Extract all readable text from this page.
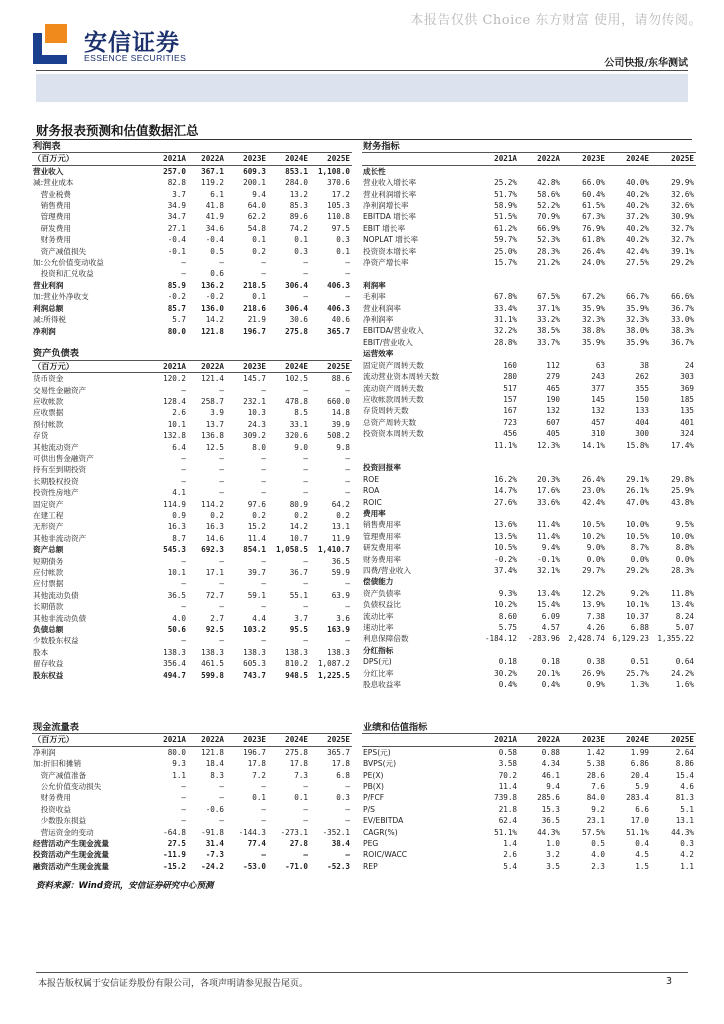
本报告仅供 Choice 东方财富 使用，请勿传阅。
安信证券
ESSENCE SECURITIES	公司快报/东华测试
财务报表预测和估值数据汇总
利润表					
（百万元）	2021A	2022A	2023E	2024E	2025E
营业收入	257.0	367.1	609.3	853.1	1,108.0
减:营业成本	82.8	119.2	200.1	284.0	370.6
　营业税费	3.7	6.1	9.4	13.2	17.2
　销售费用	34.9	41.8	64.0	85.3	105.3
　管理费用	34.7	41.9	62.2	89.6	110.8
　研发费用	27.1	34.6	54.8	74.2	97.5
　财务费用	-0.4	-0.4	0.1	0.1	0.3
　资产减值损失	-0.1	0.5	0.2	0.3	0.1
加:公允价值变动收益	–	–	–	–	–
　投资和汇兑收益	–	0.6	–	–	–
营业利润	85.9	136.2	218.5	306.4	406.3
加:营业外净收支	-0.2	-0.2	0.1	–	–
利润总额	85.7	136.0	218.6	306.4	406.3
减:所得税	5.7	14.2	21.9	30.6	40.6
净利润	80.0	121.8	196.7	275.8	365.7

资产负债表					
（百万元）	2021A	2022A	2023E	2024E	2025E
货币资金	120.2	121.4	145.7	102.5	88.6
交易性金融资产	–	–	–	–	–
应收帐款	128.4	258.7	232.1	478.8	660.0
应收票据	2.6	3.9	10.3	8.5	14.8
预付帐款	10.1	13.7	24.3	33.1	39.9
存货	132.8	136.8	309.2	320.6	508.2
其他流动资产	6.4	12.5	8.0	9.0	9.8
可供出售金融资产	–	–	–	–	–
持有至到期投资	–	–	–	–	–
长期股权投资	–	–	–	–	–
投资性房地产	4.1	–	–	–	–
固定资产	114.9	114.2	97.6	80.9	64.2
在建工程	0.9	0.2	0.2	0.2	0.2
无形资产	16.3	16.3	15.2	14.2	13.1
其他非流动资产	8.7	14.6	11.4	10.7	11.9
资产总额	545.3	692.3	854.1	1,058.5	1,410.7
短期债务	–	–	–	–	36.5
应付帐款	10.1	17.1	39.7	36.7	59.9
应付票据	–	–	–	–	–
其他流动负债	36.5	72.7	59.1	55.1	63.9
长期借款	–	–	–	–	–
其他非流动负债	4.0	2.7	4.4	3.7	3.6
负债总额	50.6	92.5	103.2	95.5	163.9
少数股东权益	–	–	–	–	–
股本	138.3	138.3	138.3	138.3	138.3
留存收益	356.4	461.5	605.3	810.2	1,087.2
股东权益	494.7	599.8	743.7	948.5	1,225.5
财务指标					
	2021A	2022A	2023E	2024E	2025E
成长性					
营业收入增长率	25.2%	42.8%	66.0%	40.0%	29.9%
营业利润增长率	51.7%	58.6%	60.4%	40.2%	32.6%
净利润增长率	58.9%	52.2%	61.5%	40.2%	32.6%
EBITDA 增长率	51.5%	70.9%	67.3%	37.2%	30.9%
EBIT 增长率	61.2%	66.9%	76.9%	40.2%	32.7%
NOPLAT 增长率	59.7%	52.3%	61.8%	40.2%	32.7%
投资资本增长率	25.0%	28.3%	26.4%	42.4%	39.1%
净资产增长率	15.7%	21.2%	24.0%	27.5%	29.2%

利润率					
毛利率	67.8%	67.5%	67.2%	66.7%	66.6%
营业利润率	33.4%	37.1%	35.9%	35.9%	36.7%
净利润率	31.1%	33.2%	32.3%	32.3%	33.0%
EBITDA/营业收入	32.2%	38.5%	38.8%	38.0%	38.3%
EBIT/营业收入	28.8%	33.7%	35.9%	35.9%	36.7%
运营效率					
固定资产周转天数	160	112	63	38	24
流动营业资本周转天数	280	279	243	262	303
流动资产周转天数	517	465	377	355	369
应收帐款周转天数	157	190	145	150	185
存货周转天数	167	132	132	133	135
总资产周转天数	723	607	457	404	401
投资资本周转天数	456	405	310	300	324
	11.1%	12.3%	14.1%	15.8%	17.4%

投资回报率					
ROE	16.2%	20.3%	26.4%	29.1%	29.8%
ROA	14.7%	17.6%	23.0%	26.1%	25.9%
ROIC	27.6%	33.6%	42.4%	47.0%	43.8%
费用率					
销售费用率	13.6%	11.4%	10.5%	10.0%	9.5%
管理费用率	13.5%	11.4%	10.2%	10.5%	10.0%
研发费用率	10.5%	9.4%	9.0%	8.7%	8.8%
财务费用率	-0.2%	-0.1%	0.0%	0.0%	0.0%
四费/营业收入	37.4%	32.1%	29.7%	29.2%	28.3%
偿债能力					
资产负债率	9.3%	13.4%	12.2%	9.2%	11.8%
负债权益比	10.2%	15.4%	13.9%	10.1%	13.4%
流动比率	8.60	6.09	7.38	10.37	8.24
速动比率	5.75	4.57	4.26	6.88	5.07
利息保障倍数	-184.12	-283.96	2,428.74	6,129.23	1,355.22
分红指标					
DPS(元)	0.18	0.18	0.38	0.51	0.64
分红比率	30.2%	20.1%	26.9%	25.7%	24.2%
股息收益率	0.4%	0.4%	0.9%	1.3%	1.6%
现金流量表					
（百万元）	2021A	2022A	2023E	2024E	2025E
净利润	80.0	121.8	196.7	275.8	365.7
加:折旧和摊销	9.3	18.4	17.8	17.8	17.8
　资产减值准备	1.1	8.3	7.2	7.3	6.8
　公允价值变动损失	–	–	–	–	–
　财务费用	–	–	0.1	0.1	0.3
　投资收益	–	-0.6	–	–	–
　少数股东损益	–	–	–	–	–
　营运资金的变动	-64.8	-91.8	-144.3	-273.1	-352.1
经营活动产生现金流量	27.5	31.4	77.4	27.8	38.4
投资活动产生现金流量	-11.9	-7.3	–	–	–
融资活动产生现金流量	-15.2	-24.2	-53.0	-71.0	-52.3
业绩和估值指标					
	2021A	2022A	2023E	2024E	2025E
EPS(元)	0.58	0.88	1.42	1.99	2.64
BVPS(元)	3.58	4.34	5.38	6.86	8.86
PE(X)	70.2	46.1	28.6	20.4	15.4
PB(X)	11.4	9.4	7.6	5.9	4.6
P/FCF	739.8	285.6	84.0	283.4	81.3
P/S	21.8	15.3	9.2	6.6	5.1
EV/EBITDA	62.4	36.5	23.1	17.0	13.1
CAGR(%)	51.1%	44.3%	57.5%	51.1%	44.3%
PEG	1.4	1.0	0.5	0.4	0.3
ROIC/WACC	2.6	3.2	4.0	4.5	4.2
REP	5.4	3.5	2.3	1.5	1.1
资料来源：Wind资讯，安信证券研究中心预测
本报告版权属于安信证券股份有限公司，各项声明请参见报告尾页。	3
